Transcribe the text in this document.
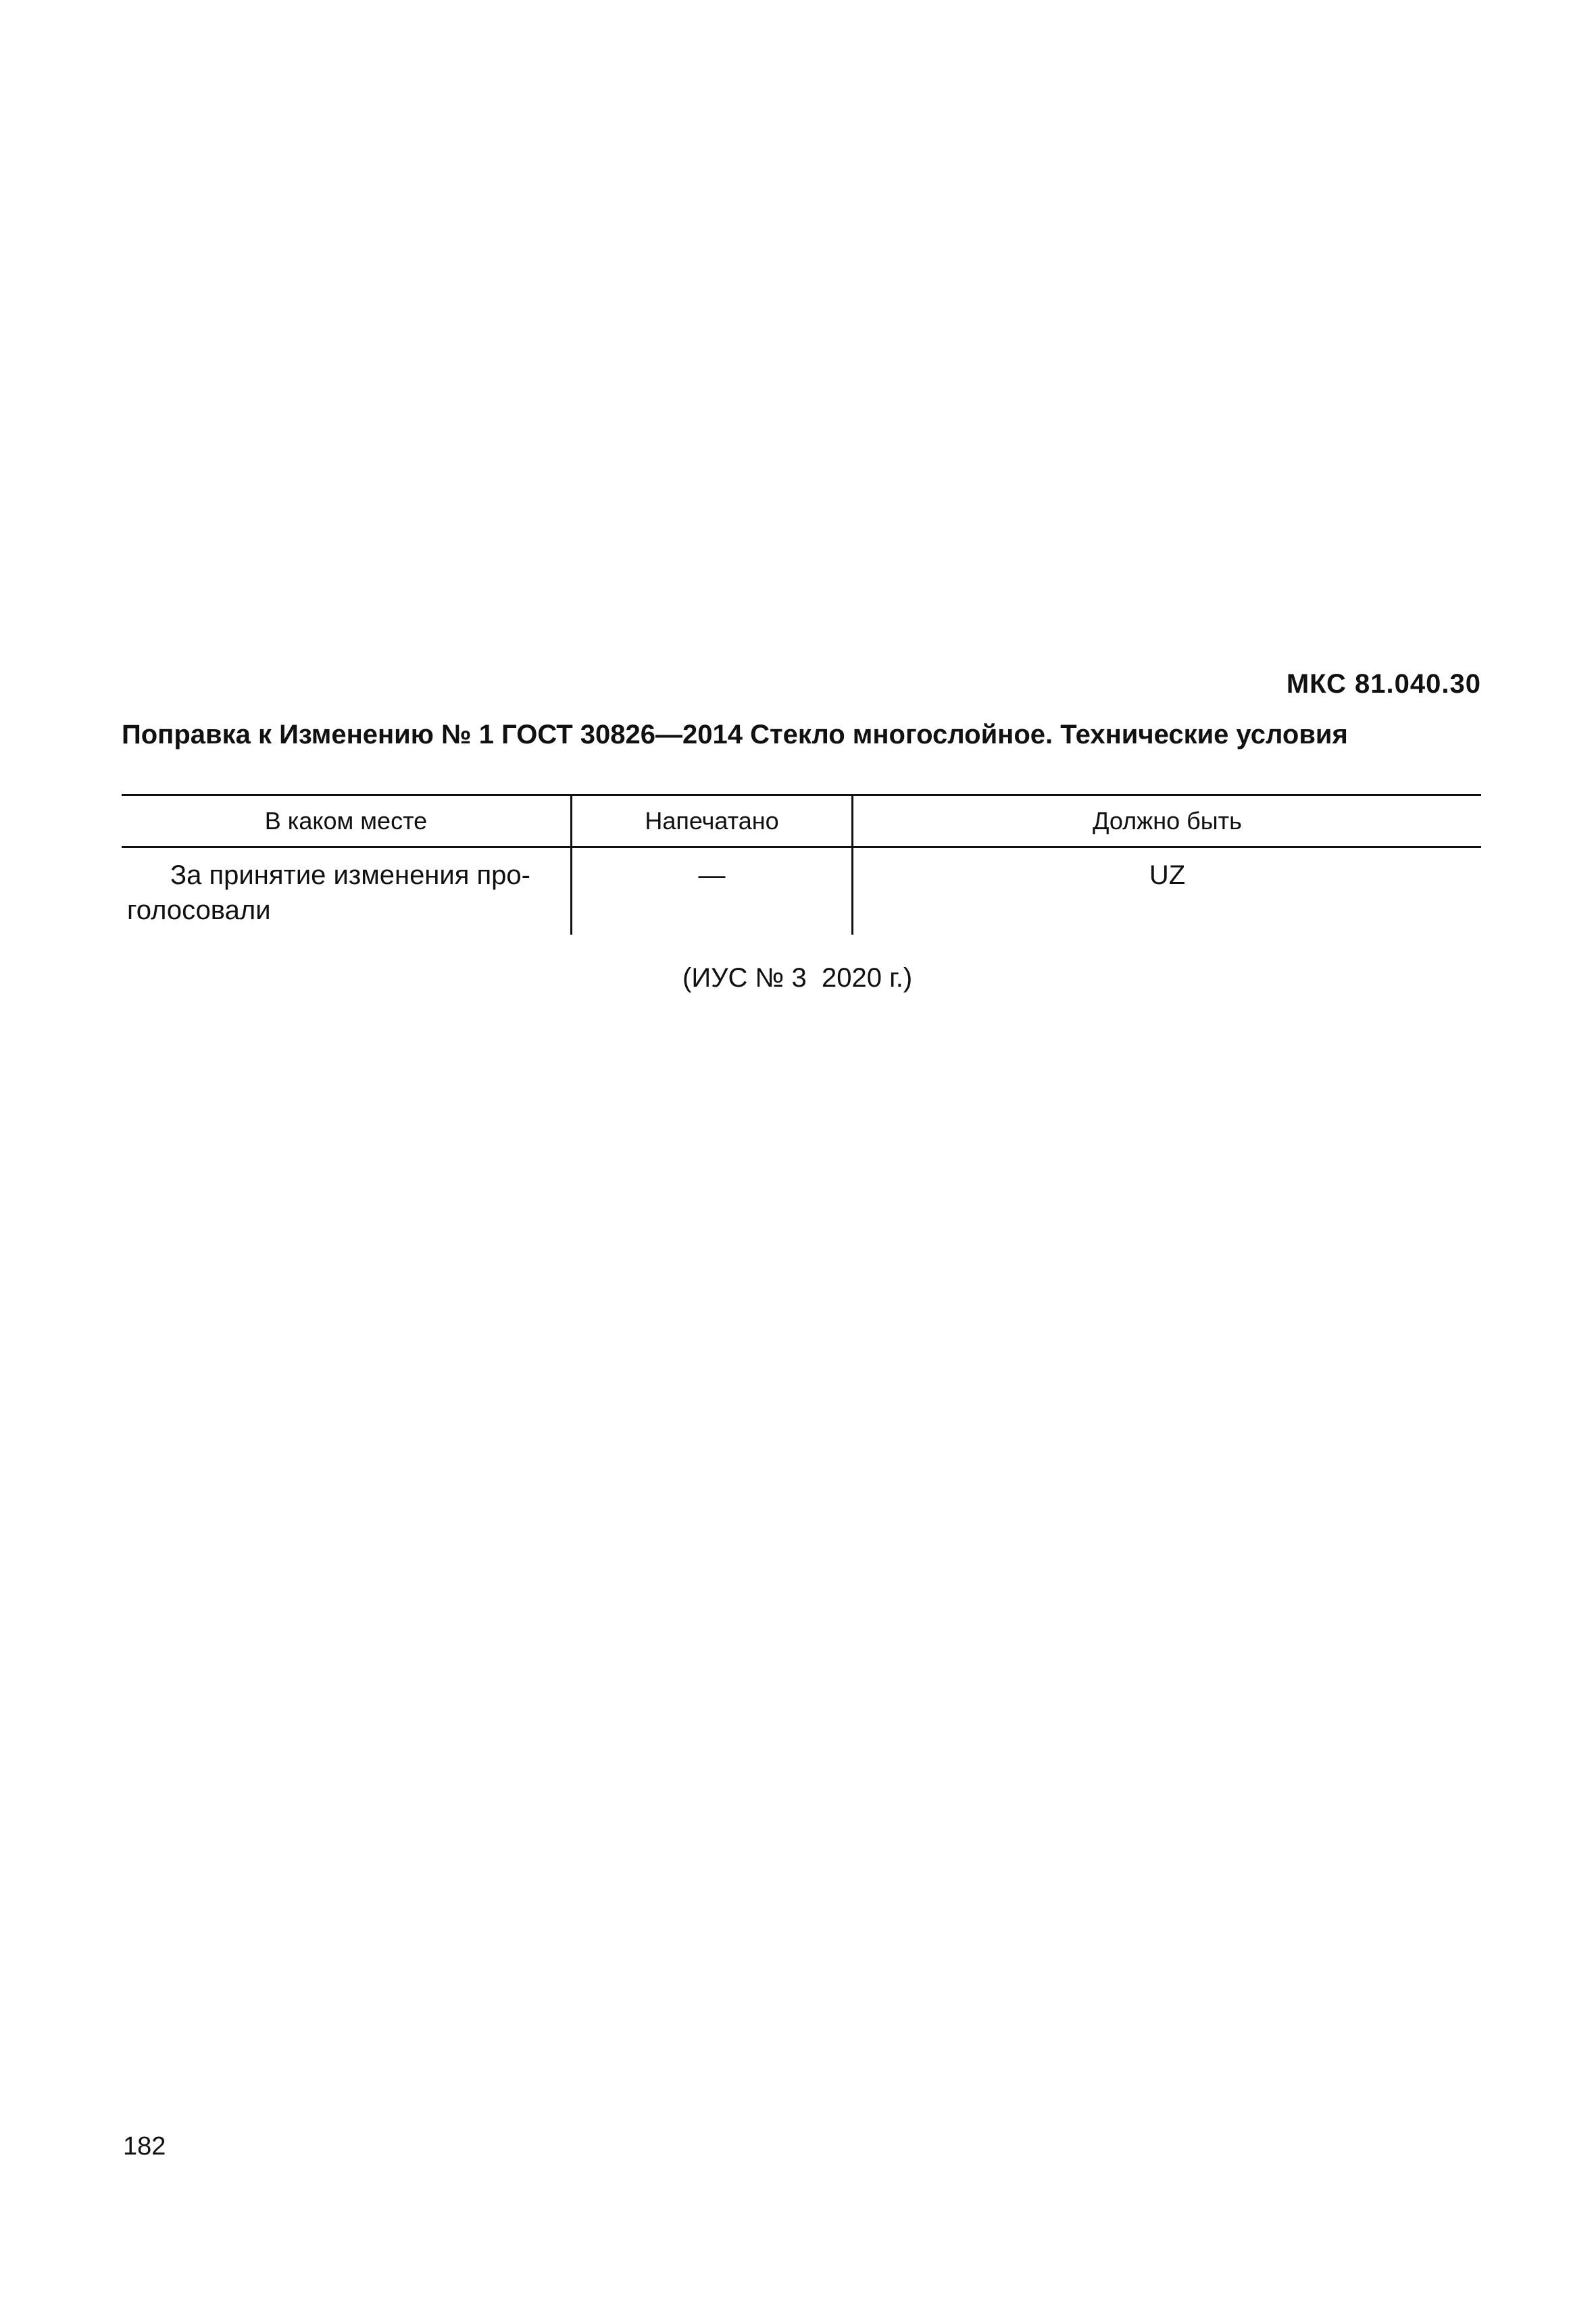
МКС 81.040.30
Поправка к Изменению № 1 ГОСТ 30826—2014 Стекло многослойное. Технические условия
В каком месте	Напечатано	Должно быть
За принятие изменения про-
голосовали
—	UZ
(ИУС № 3  2020 г.)
182
